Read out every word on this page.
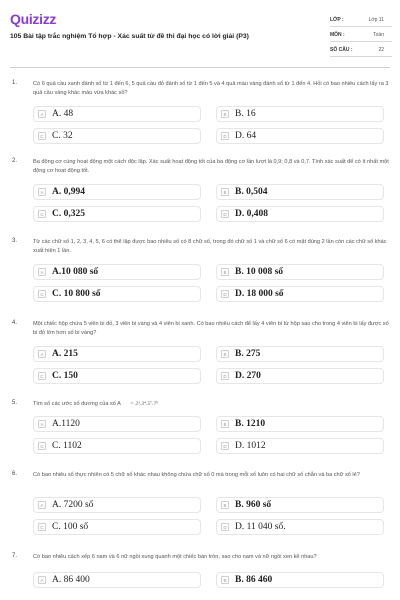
Quizizz
105 Bài tập trắc nghiệm Tổ hợp - Xác suất từ đề thi đại học có lời giải (P3)
LỚP :	Lớp 11
MÔN :	Toán
SỐ CÂU :	22
1.	Có 6 quả cầu xanh đánh số từ 1 đến 6, 5 quả cầu đỏ đánh số từ 1 đến 5 và 4 quả màu vàng đánh số từ 1 đến 4. Hỏi có bao nhiêu cách lấy ra 3 quả cầu vàng khác màu vừa khác số?
A A. 48	B B. 16
C C. 32	D D. 64
2.	Ba động cơ cùng hoạt động một cách độc lập. Xác suất hoạt động tốt của ba động cơ lần lượt là 0,9; 0,8 và 0,7. Tính xác suất để có ít nhất một động cơ hoạt động tốt.
A A. 0,994	B B. 0,504
C C. 0,325	D D. 0,408
3.	Từ các chữ số 1, 2, 3, 4, 5, 6 có thể lập được bao nhiêu số có 8 chữ số, trong đó chữ số 1 và chữ số 6 có mặt đúng 2 lần còn các chữ số khác xuất hiện 1 lần.
A A.10 080 số	B B. 10 008 số
C C. 10 800 số	D D. 18 000 số
4.	Một chiếc hộp chứa 5 viên bi đỏ, 3 viên bi vàng và 4 viên bi xanh. Có bao nhiêu cách để lấy 4 viên bi từ hộp sao cho trong 4 viên bi lấy được số bi đỏ lớn hơn số bi vàng?
A A. 215	B B. 275
C C. 150	D D. 270
5.	Tìm số các ước số dương của số A = 2³.3⁴.5⁷.7⁶
A A.1120	B B. 1210
C C. 1102	D D. 1012
6.	Có bao nhiêu số thực nhiên có 5 chữ số khác nhau không chứa chữ số 0 mà trong mỗi số luôn có hai chữ số chẵn và ba chữ số lẻ?
A A. 7200 số	B B. 960 số
C C. 100 số	D D. 11 040 số.
7.	Có bao nhiêu cách xếp 6 nam và 6 nữ ngồi xung quanh một chiếc bàn tròn, sao cho nam và nữ ngồi xen kẽ nhau?
A A. 86 400	B B. 86 460
